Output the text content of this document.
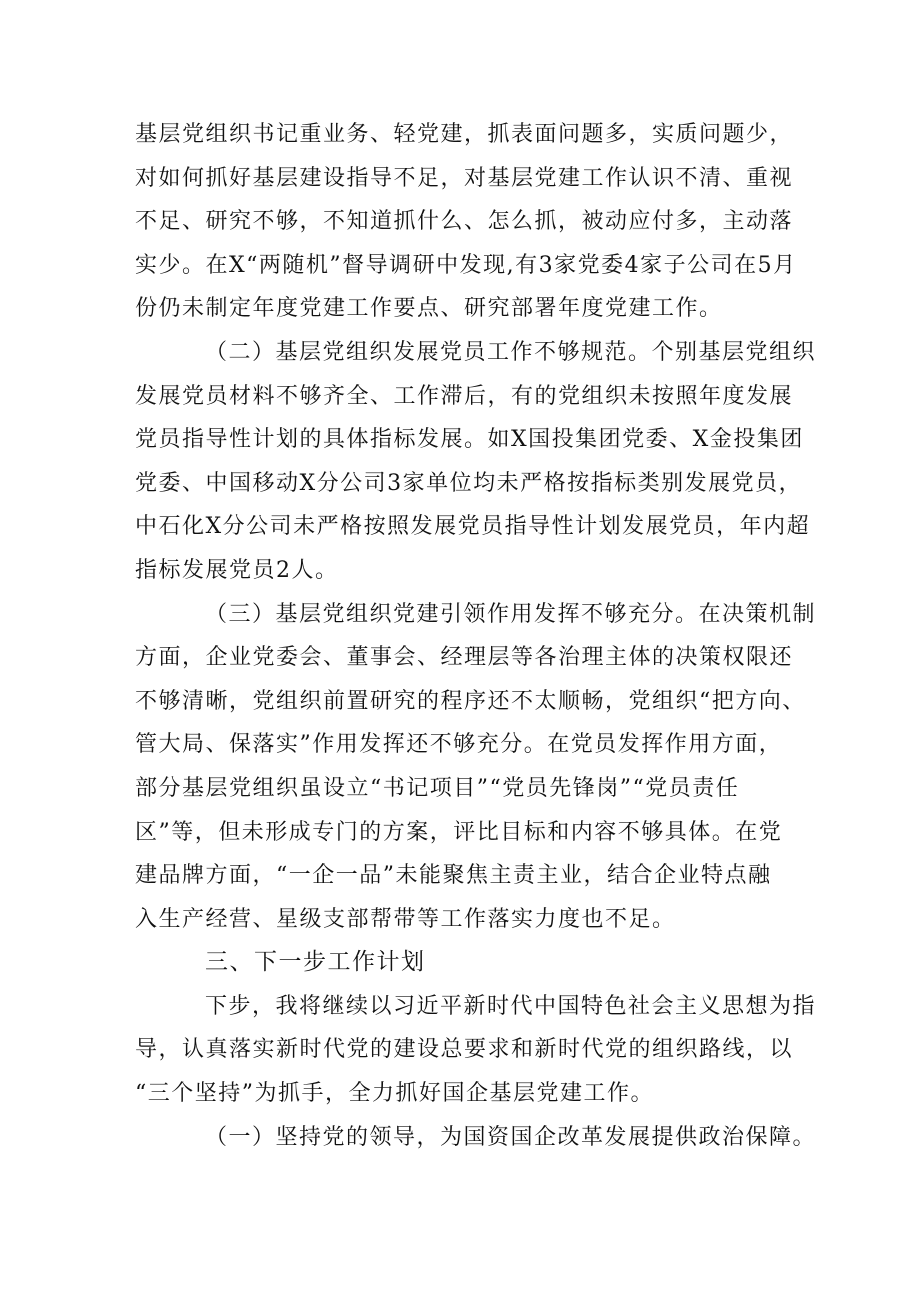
基层党组织书记重业务、轻党建，抓表面问题多，实质问题少，
对如何抓好基层建设指导不足，对基层党建工作认识不清、重视
不足、研究不够，不知道抓什么、怎么抓，被动应付多，主动落
实少。在X“两随机”督导调研中发现,有3家党委4家子公司在5月
份仍未制定年度党建工作要点、研究部署年度党建工作。
（二）基层党组织发展党员工作不够规范。个别基层党组织
发展党员材料不够齐全、工作滞后，有的党组织未按照年度发展
党员指导性计划的具体指标发展。如X国投集团党委、X金投集团
党委、中国移动X分公司3家单位均未严格按指标类别发展党员，
中石化X分公司未严格按照发展党员指导性计划发展党员，年内超
指标发展党员2人。
（三）基层党组织党建引领作用发挥不够充分。在决策机制
方面，企业党委会、董事会、经理层等各治理主体的决策权限还
不够清晰，党组织前置研究的程序还不太顺畅，党组织“把方向、
管大局、保落实”作用发挥还不够充分。在党员发挥作用方面，
部分基层党组织虽设立“书记项目”“党员先锋岗”“党员责任
区”等，但未形成专门的方案，评比目标和内容不够具体。在党
建品牌方面，“一企一品”未能聚焦主责主业，结合企业特点融
入生产经营、星级支部帮带等工作落实力度也不足。
三、下一步工作计划
下步，我将继续以习近平新时代中国特色社会主义思想为指
导，认真落实新时代党的建设总要求和新时代党的组织路线，以
“三个坚持”为抓手，全力抓好国企基层党建工作。
（一）坚持党的领导，为国资国企改革发展提供政治保障。
